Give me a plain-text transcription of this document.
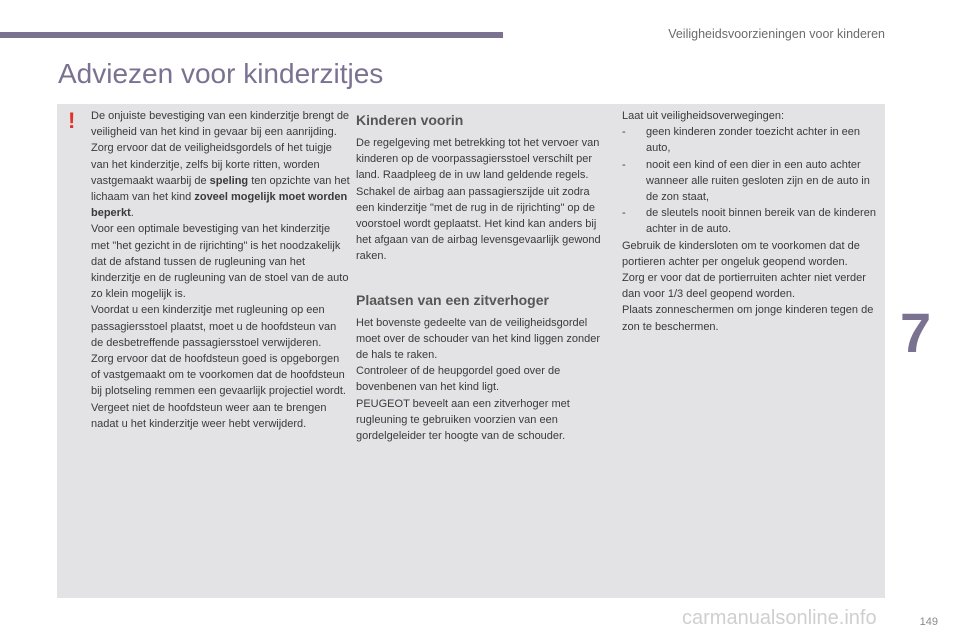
Veiligheidsvoorzieningen voor kinderen
Adviezen voor kinderzitjes
! De onjuiste bevestiging van een kinderzitje brengt de veiligheid van het kind in gevaar bij een aanrijding.

Zorg ervoor dat de veiligheidsgordels of het tuigje van het kinderzitje, zelfs bij korte ritten, worden vastgemaakt waarbij de speling ten opzichte van het lichaam van het kind zoveel mogelijk moet worden beperkt.

Voor een optimale bevestiging van het kinderzitje met "het gezicht in de rijrichting" is het noodzakelijk dat de afstand tussen de rugleuning van het kinderzitje en de rugleuning van de stoel van de auto zo klein mogelijk is.

Voordat u een kinderzitje met rugleuning op een passagiersstoel plaatst, moet u de hoofdsteun van de desbetreffende passagiersstoel verwijderen.

Zorg ervoor dat de hoofdsteun goed is opgeborgen of vastgemaakt om te voorkomen dat de hoofdsteun bij plotseling remmen een gevaarlijk projectiel wordt.

Vergeet niet de hoofdsteun weer aan te brengen nadat u het kinderzitje weer hebt verwijderd.

Kinderen voorin

De regelgeving met betrekking tot het vervoer van kinderen op de voorpassagiersstoel verschilt per land. Raadpleeg de in uw land geldende regels.

Schakel de airbag aan passagierszijde uit zodra een kinderzitje "met de rug in de rijrichting" op de voorstoel wordt geplaatst. Het kind kan anders bij het afgaan van de airbag levensgevaarlijk gewond raken.

Plaatsen van een zitverhoger

Het bovenste gedeelte van de veiligheidsgordel moet over de schouder van het kind liggen zonder de hals te raken.

Controleer of de heupgordel goed over de bovenbenen van het kind ligt.

PEUGEOT beveelt aan een zitverhoger met rugleuning te gebruiken voorzien van een gordelgeleider ter hoogte van de schouder.

Laat uit veiligheidsoverwegingen:

-	geen kinderen zonder toezicht achter in een auto,
-	nooit een kind of een dier in een auto achter wanneer alle ruiten gesloten zijn en de auto in de zon staat,
-	de sleutels nooit binnen bereik van de kinderen achter in de auto.

Gebruik de kindersloten om te voorkomen dat de portieren achter per ongeluk geopend worden.

Zorg er voor dat de portierruiten achter niet verder dan voor 1/3 deel geopend worden.

Plaats zonneschermen om jonge kinderen tegen de zon te beschermen.	7
carmanualsonline.info	149
